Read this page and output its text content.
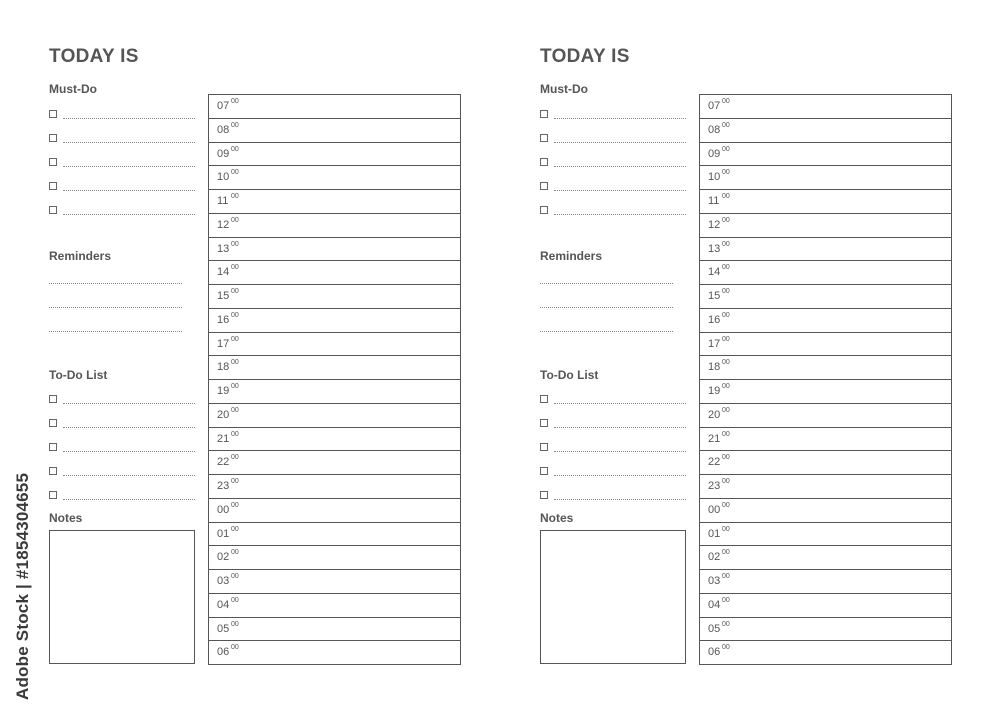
TODAY IS
Must-Do
Reminders
To-Do List
Notes
07 00
08 00
09 00
10 00
11 00
12 00
13 00
14 00
15 00
16 00
17 00
18 00
19 00
20 00
21 00
22 00
23 00
00 00
01 00
02 00
03 00
04 00
05 00
06 00
TODAY IS
Must-Do
Reminders
To-Do List
Notes
07 00
08 00
09 00
10 00
11 00
12 00
13 00
14 00
15 00
16 00
17 00
18 00
19 00
20 00
21 00
22 00
23 00
00 00
01 00
02 00
03 00
04 00
05 00
06 00
Adobe Stock | #1854304655
